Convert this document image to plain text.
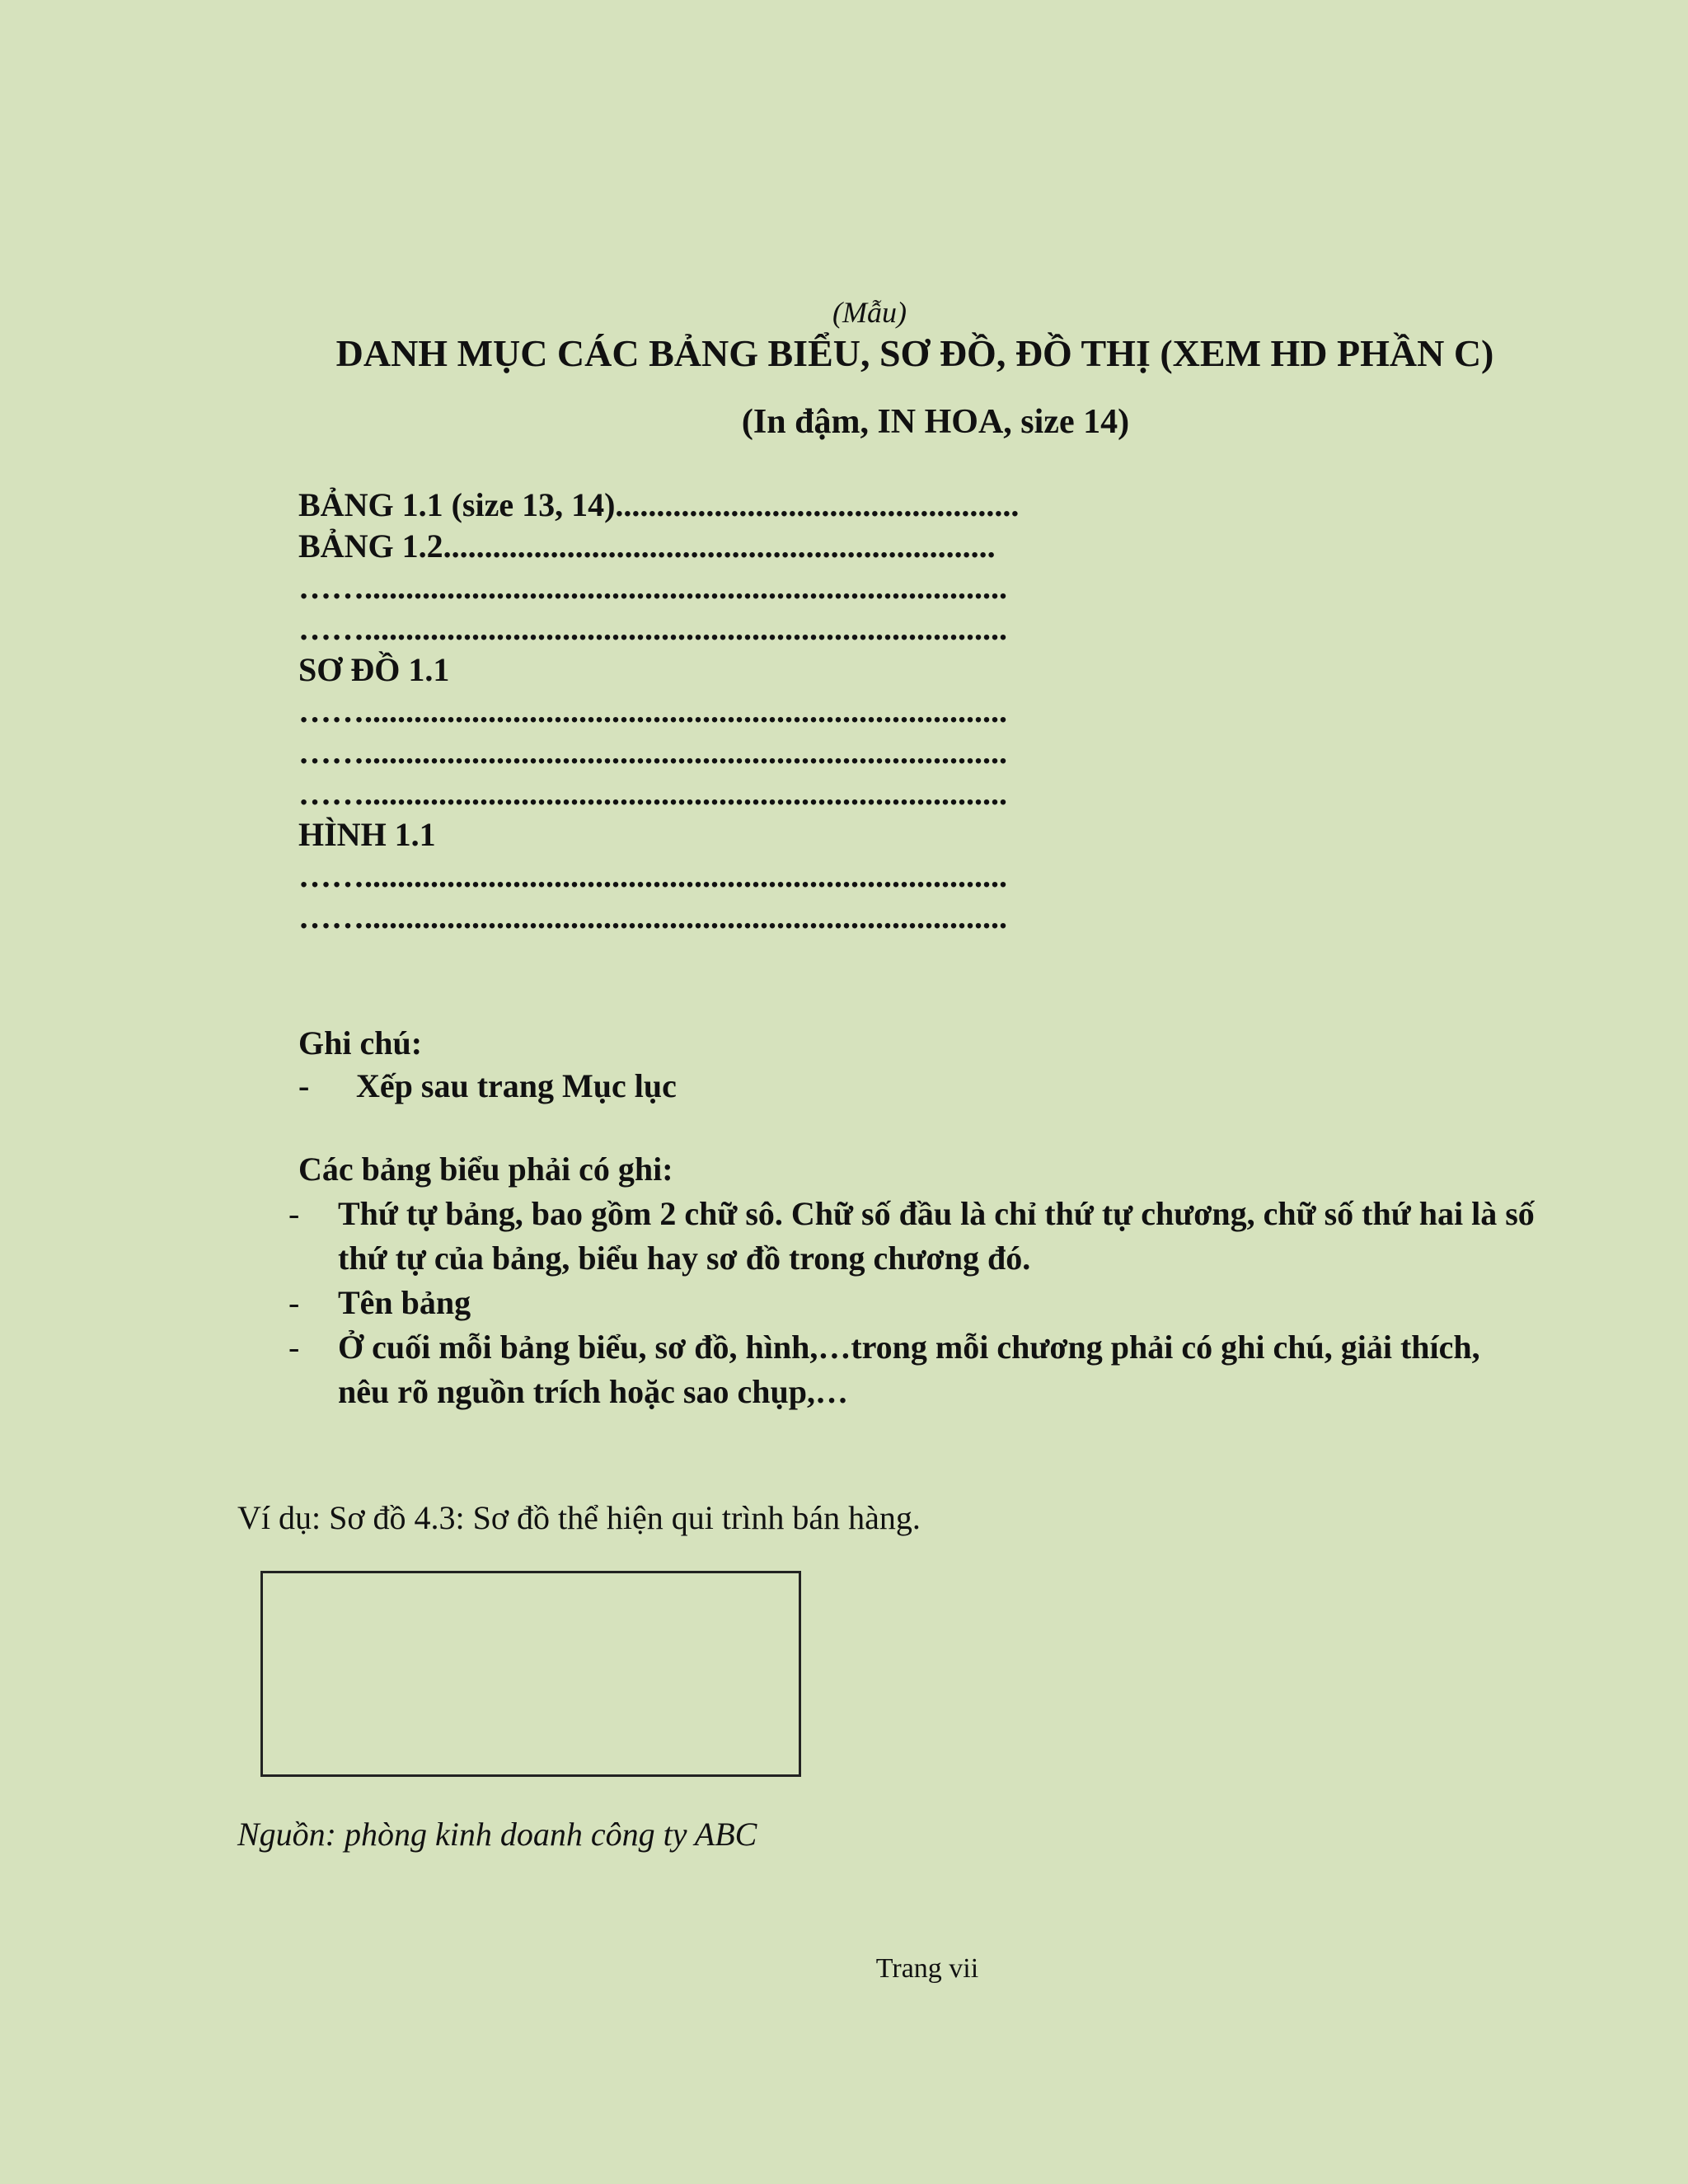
(Mẫu)
DANH MỤC CÁC BẢNG BIỂU, SƠ ĐỒ, ĐỒ THỊ (XEM HD PHẦN C)
(In đậm, IN HOA, size 14)
BẢNG 1.1 (size 13, 14).................................................
BẢNG 1.2...................................................................
……..............................................................................
……..............................................................................
SƠ ĐỒ 1.1
……..............................................................................
……..............................................................................
……..............................................................................
HÌNH 1.1
……..............................................................................
……..............................................................................
Ghi chú:
-	Xếp sau trang Mục lục
Các bảng biểu phải có ghi:
-	Thứ tự bảng, bao gồm 2 chữ sô. Chữ số đầu là chỉ thứ tự chương, chữ số thứ hai là số thứ tự của bảng, biểu hay sơ đồ trong chương đó.
-	Tên bảng
-	Ở cuối mỗi bảng biểu, sơ đồ, hình,…trong mỗi chương phải có ghi chú, giải thích, nêu rõ nguồn trích hoặc sao chụp,…
Ví dụ: Sơ đồ 4.3: Sơ đồ thể hiện qui trình bán hàng.
Nguồn: phòng kinh doanh công ty ABC
Trang vii
